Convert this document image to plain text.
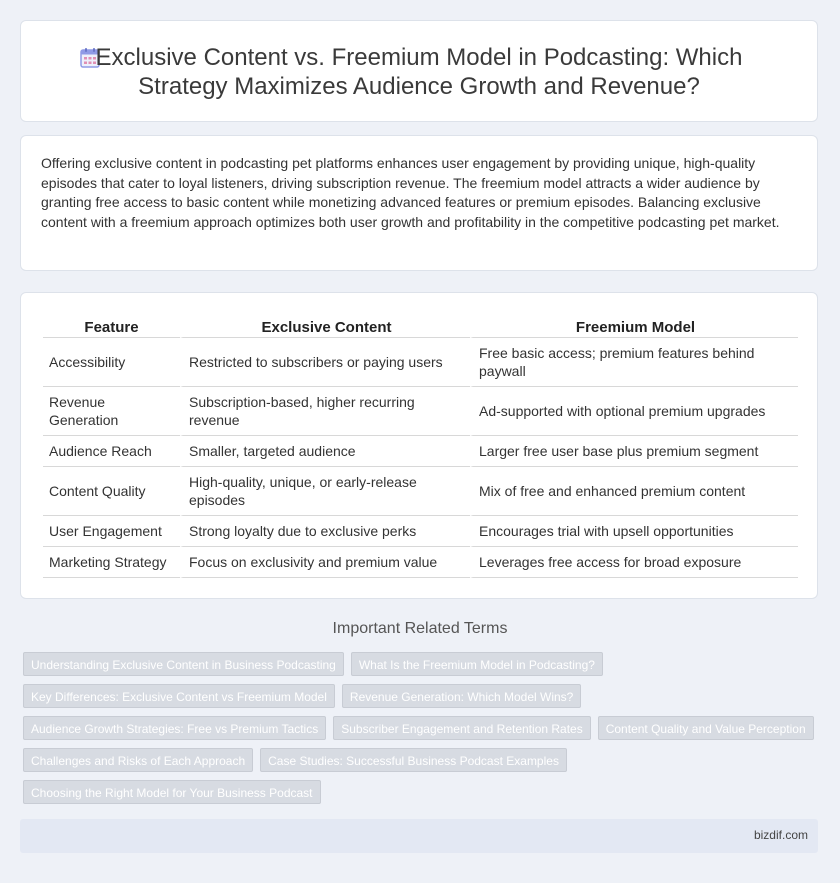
Exclusive Content vs. Freemium Model in Podcasting: Which
Strategy Maximizes Audience Growth and Revenue?
Offering exclusive content in podcasting pet platforms enhances user engagement by providing unique, high-quality episodes that cater to loyal listeners, driving subscription revenue. The freemium model attracts a wider audience by granting free access to basic content while monetizing advanced features or premium episodes. Balancing exclusive content with a freemium approach optimizes both user growth and profitability in the competitive podcasting pet market.
Feature	Exclusive Content	Freemium Model
Accessibility	Restricted to subscribers or paying users	Free basic access; premium features behind paywall
Revenue Generation	Subscription-based, higher recurring revenue	Ad-supported with optional premium upgrades
Audience Reach	Smaller, targeted audience	Larger free user base plus premium segment
Content Quality	High-quality, unique, or early-release episodes	Mix of free and enhanced premium content
User Engagement	Strong loyalty due to exclusive perks	Encourages trial with upsell opportunities
Marketing Strategy	Focus on exclusivity and premium value	Leverages free access for broad exposure
Important Related Terms
Understanding Exclusive Content in Business Podcasting What Is the Freemium Model in Podcasting?
Key Differences: Exclusive Content vs Freemium Model Revenue Generation: Which Model Wins?
Audience Growth Strategies: Free vs Premium Tactics Subscriber Engagement and Retention Rates Content Quality and Value Perception
Challenges and Risks of Each Approach Case Studies: Successful Business Podcast Examples
Choosing the Right Model for Your Business Podcast
bizdif.com
